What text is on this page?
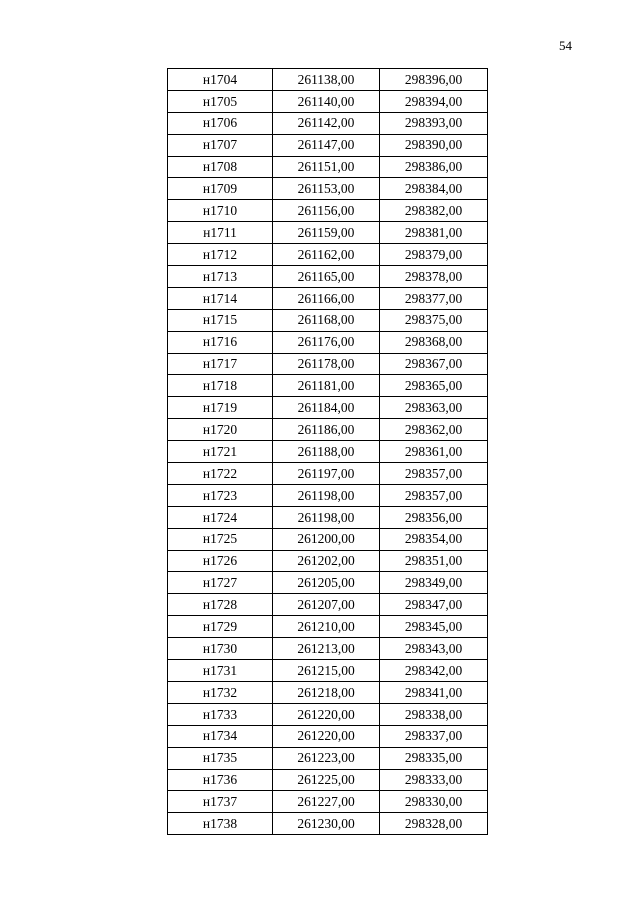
54
н1704	261138,00	298396,00
н1705	261140,00	298394,00
н1706	261142,00	298393,00
н1707	261147,00	298390,00
н1708	261151,00	298386,00
н1709	261153,00	298384,00
н1710	261156,00	298382,00
н1711	261159,00	298381,00
н1712	261162,00	298379,00
н1713	261165,00	298378,00
н1714	261166,00	298377,00
н1715	261168,00	298375,00
н1716	261176,00	298368,00
н1717	261178,00	298367,00
н1718	261181,00	298365,00
н1719	261184,00	298363,00
н1720	261186,00	298362,00
н1721	261188,00	298361,00
н1722	261197,00	298357,00
н1723	261198,00	298357,00
н1724	261198,00	298356,00
н1725	261200,00	298354,00
н1726	261202,00	298351,00
н1727	261205,00	298349,00
н1728	261207,00	298347,00
н1729	261210,00	298345,00
н1730	261213,00	298343,00
н1731	261215,00	298342,00
н1732	261218,00	298341,00
н1733	261220,00	298338,00
н1734	261220,00	298337,00
н1735	261223,00	298335,00
н1736	261225,00	298333,00
н1737	261227,00	298330,00
н1738	261230,00	298328,00
